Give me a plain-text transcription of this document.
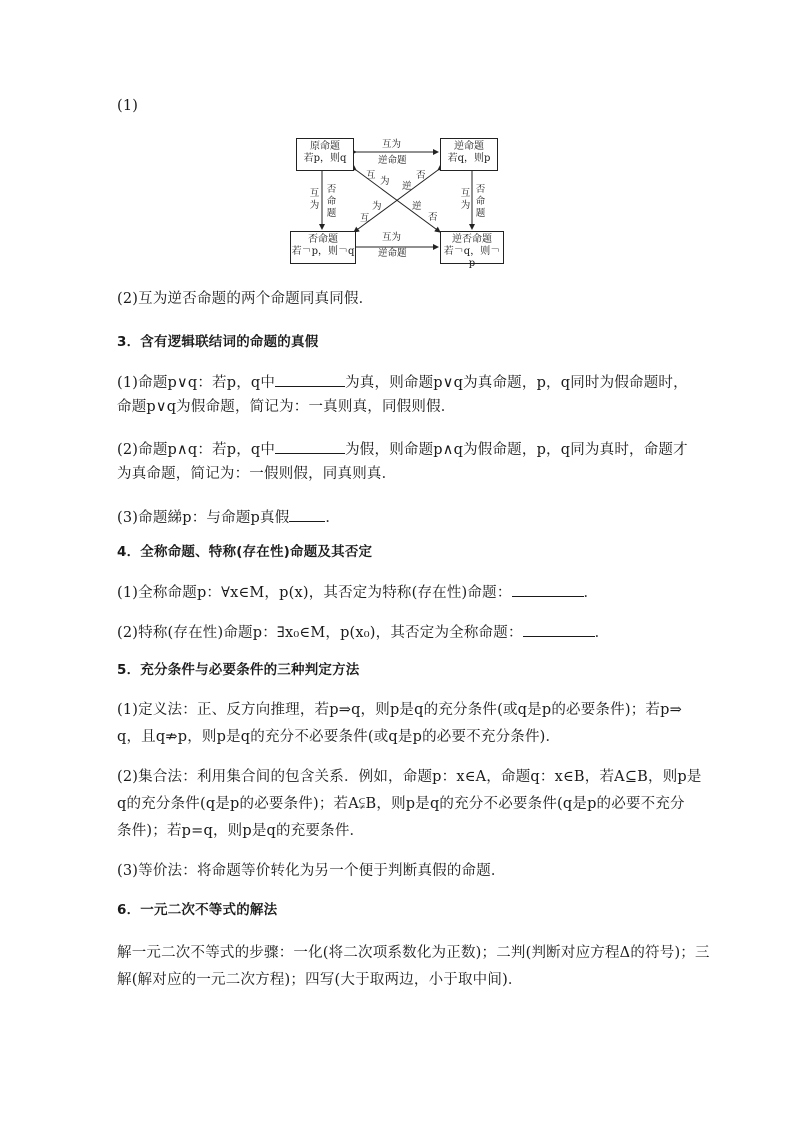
(1)
原命题
若p，则q
逆命题
若q，则p
否命题
若￢p，则￢q
逆否命题
若￢q，则￢p
互为
逆命题
互为
逆命题
互为
否命题
互为
否命题
互
为 逆
否
为
互
逆
否
(2)互为逆否命题的两个命题同真同假．
3．含有逻辑联结词的命题的真假
(1)命题p∨q：若p，q中	为真，则命题p∨q为真命题，p，q同时为假命题时，
命题p∨q为假命题，简记为：一真则真，同假则假．
(2)命题p∧q：若p，q中	为假，则命题p∧q为假命题，p，q同为真时，命题才
为真命题，简记为：一假则假，同真则真．
(3)命题綈p：与命题p真假 ．
4．全称命题、特称(存在性)命题及其否定
(1)全称命题p：∀x∈M，p(x)，其否定为特称(存在性)命题：	．
(2)特称(存在性)命题p：∃x₀∈M，p(x₀)，其否定为全称命题：	．
5．充分条件与必要条件的三种判定方法
(1)定义法：正、反方向推理，若p⇒q，则p是q的充分条件(或q是p的必要条件)；若p⇒
q，且q⇏p，则p是q的充分不必要条件(或q是p的必要不充分条件)．
(2)集合法：利用集合间的包含关系．例如，命题p：x∈A，命题q：x∈B，若A⊆B，则p是
q的充分条件(q是p的必要条件)；若A⫋B，则p是q的充分不必要条件(q是p的必要不充分
条件)；若p=q，则p是q的充要条件．
(3)等价法：将命题等价转化为另一个便于判断真假的命题．
6．一元二次不等式的解法
解一元二次不等式的步骤：一化(将二次项系数化为正数)；二判(判断对应方程Δ的符号)；三
解(解对应的一元二次方程)；四写(大于取两边，小于取中间)．
